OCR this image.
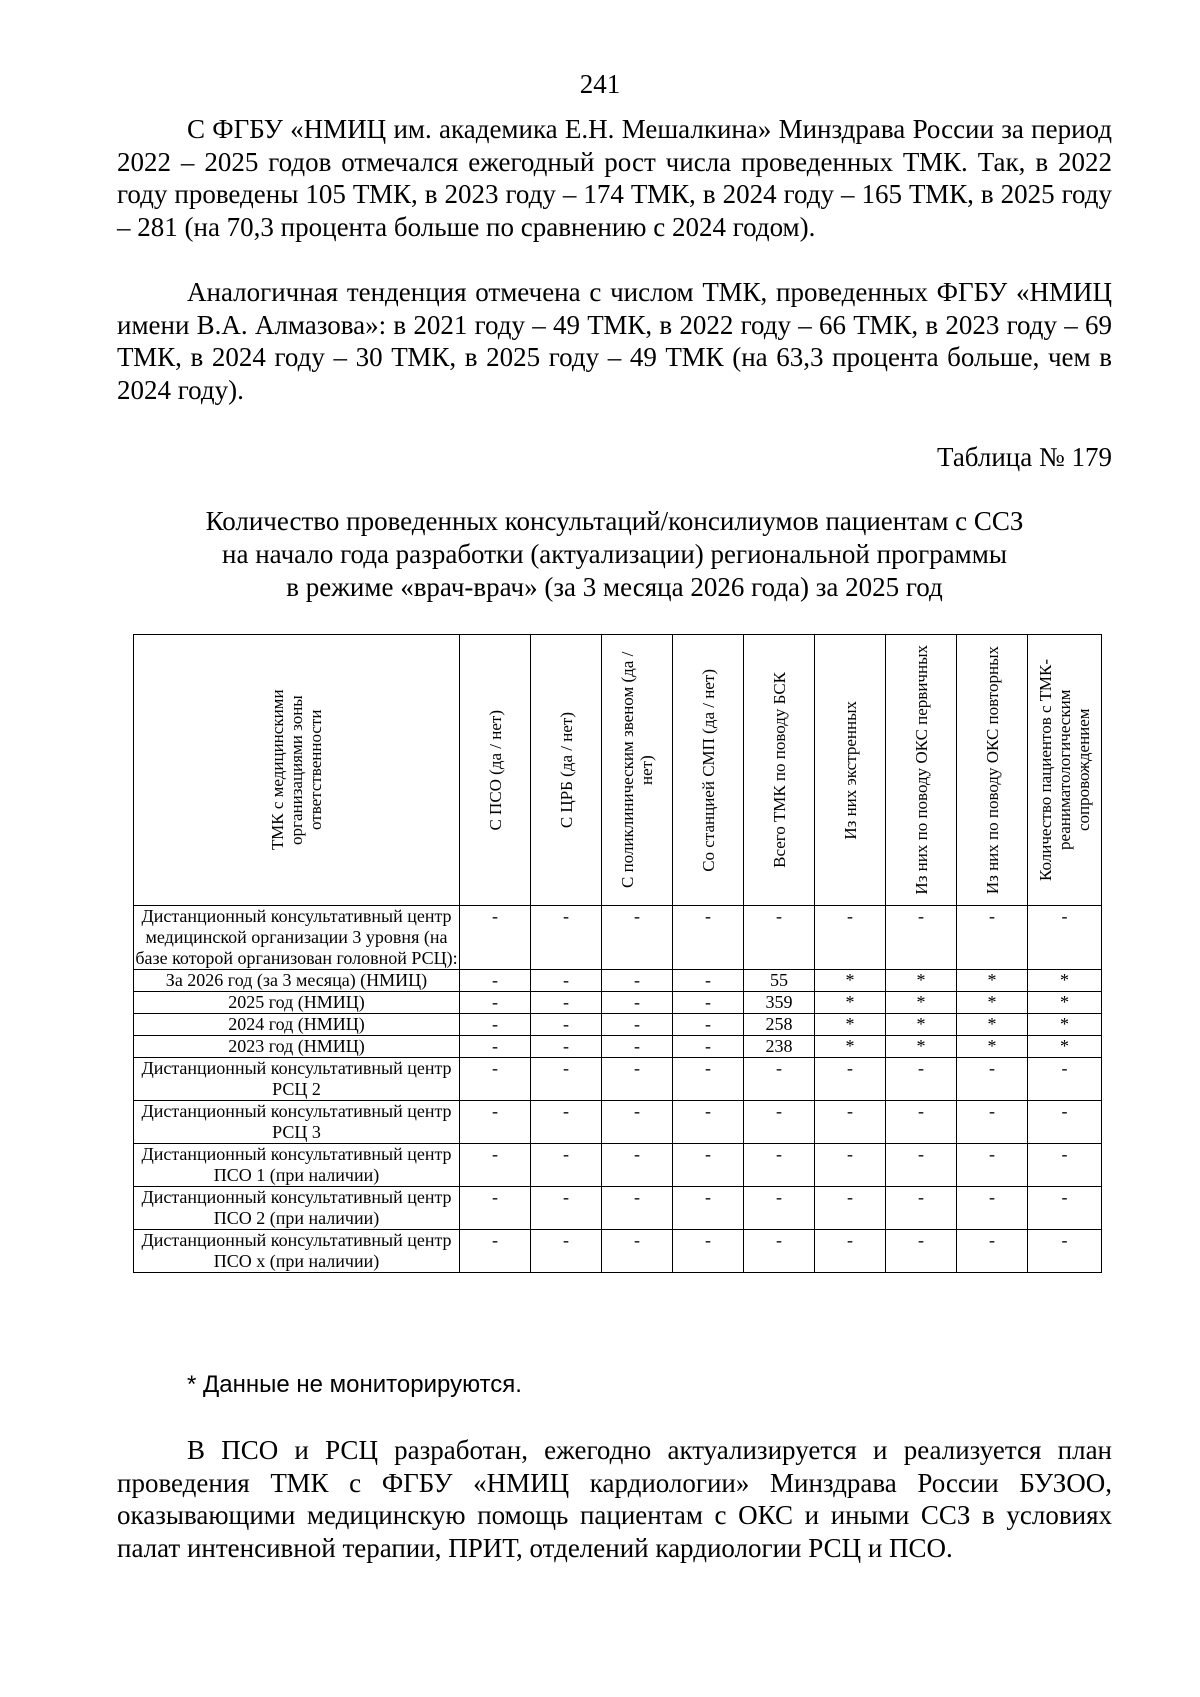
241

С ФГБУ «НМИЦ им. академика Е.Н. Мешалкина» Минздрава России за период 2022 – 2025 годов отмечался ежегодный рост числа проведенных ТМК. Так, в 2022 году проведены 105 ТМК, в 2023 году – 174 ТМК, в 2024 году – 165 ТМК, в 2025 году – 281 (на 70,3 процента больше по сравнению с 2024 годом).

Аналогичная тенденция отмечена с числом ТМК, проведенных ФГБУ «НМИЦ имени В.А. Алмазова»: в 2021 году – 49 ТМК, в 2022 году – 66 ТМК, в 2023 году – 69 ТМК, в 2024 году – 30 ТМК, в 2025 году – 49 ТМК (на 63,3 процента больше, чем в 2024 году).

Таблица № 179
Количество проведенных консультаций/консилиумов пациентам с ССЗ
на начало года разработки (актуализации) региональной программы
в режиме «врач-врач» (за 3 месяца 2026 года) за 2025 год
ТМК с медицинскими организациями зоны ответственности	С ПСО (да / нет)	С ЦРБ (да / нет)	С поликлиническим звеном (да / нет)	Со станцией СМП (да / нет)	Всего ТМК по поводу БСК	Из них экстренных	Из них по поводу ОКС первичных	Из них по поводу ОКС повторных	Количество пациентов с ТМК-реаниматологическим сопровождением

Дистанционный консультативный центр медицинской организации 3 уровня (на базе которой организован головной РСЦ):	-	-	-	-	-	-	-	-	-
За 2026 год (за 3 месяца) (НМИЦ)	-	-	-	-	55	*	*	*	*
2025 год (НМИЦ)	-	-	-	-	359	*	*	*	*
2024 год (НМИЦ)	-	-	-	-	258	*	*	*	*
2023 год (НМИЦ)	-	-	-	-	238	*	*	*	*
Дистанционный консультативный центр РСЦ 2	-	-	-	-	-	-	-	-	-
Дистанционный консультативный центр РСЦ 3	-	-	-	-	-	-	-	-	-
Дистанционный консультативный центр ПСО 1 (при наличии)	-	-	-	-	-	-	-	-	-
Дистанционный консультативный центр ПСО 2 (при наличии)	-	-	-	-	-	-	-	-	-
Дистанционный консультативный центр ПСО х (при наличии)	-	-	-	-	-	-	-	-	-
* Данные не мониторируются.

В ПСО и РСЦ разработан, ежегодно актуализируется и реализуется план проведения ТМК с ФГБУ «НМИЦ кардиологии» Минздрава России БУЗОО, оказывающими медицинскую помощь пациентам с ОКС и иными ССЗ в условиях палат интенсивной терапии, ПРИТ, отделений кардиологии РСЦ и ПСО.
